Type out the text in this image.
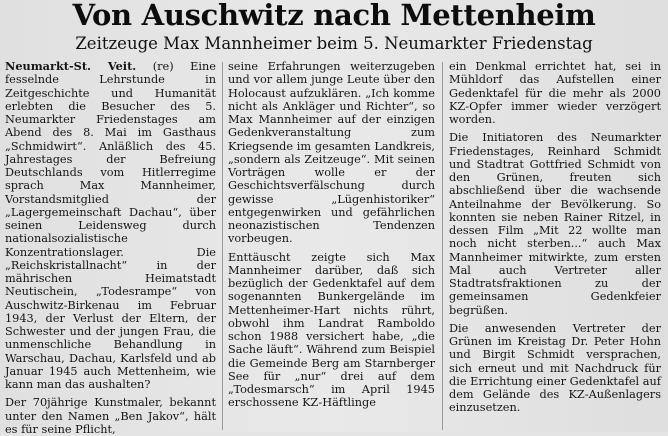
Von Auschwitz nach Mettenheim
Zeitzeuge Max Mannheimer beim 5. Neumarkter Friedenstag

Neumarkt-St. Veit. (re) Eine fesselnde Lehrstunde in Zeitgeschichte und Humanität erlebten die Besucher des 5. Neumarkter Friedenstages am Abend des 8. Mai im Gasthaus „Schmidwirt“. Anläßlich des 45. Jahrestages der Befreiung Deutschlands vom Hitlerregime sprach Max Mannheimer, Vorstandsmitglied der „Lagergemeinschaft Dachau“, über seinen Leidensweg durch nationalsozialistische Konzentrationslager. Die „Reichskristallnacht“ in der mährischen Heimatstadt Neutischein, „Todesrampe“ von Auschwitz-Birkenau im Februar 1943, der Verlust der Eltern, der Schwester und der jungen Frau, die unmenschliche Behandlung in Warschau, Dachau, Karlsfeld und ab Januar 1945 auch Mettenheim, wie kann man das aushalten?

Der 70jährige Kunstmaler, bekannt unter den Namen „Ben Jakov“, hält es für seine Pflicht,

seine Erfahrungen weiterzugeben und vor allem junge Leute über den Holocaust aufzuklären. „Ich komme nicht als Ankläger und Richter“, so Max Mannheimer auf der einzigen Gedenkveranstaltung zum Kriegsende im gesamten Landkreis, „sondern als Zeitzeuge“. Mit seinen Vorträgen wolle er der Geschichtsverfälschung durch gewisse „Lügenhistoriker“ entgegenwirken und gefährlichen neonazistischen Tendenzen vorbeugen.

Enttäuscht zeigte sich Max Mannheimer darüber, daß sich bezüglich der Gedenktafel auf dem sogenannten Bunkergelände im Mettenheimer-Hart nichts rührt, obwohl ihm Landrat Ramboldo schon 1988 versichert habe, „die Sache läuft“. Während zum Beispiel die Gemeinde Berg am Starnberger See für „nur“ drei auf dem „Todesmarsch“ im April 1945 erschossene KZ-Häftlinge

ein Denkmal errichtet hat, sei in Mühldorf das Aufstellen einer Gedenktafel für die mehr als 2000 KZ-Opfer immer wieder verzögert worden.

Die Initiatoren des Neumarkter Friedenstages, Reinhard Schmidt und Stadtrat Gottfried Schmidt von den Grünen, freuten sich abschließend über die wachsende Anteilnahme der Bevölkerung. So konnten sie neben Rainer Ritzel, in dessen Film „Mit 22 wollte man noch nicht sterben...“ auch Max Mannheimer mitwirkte, zum ersten Mal auch Vertreter aller Stadtratsfraktionen zu der gemeinsamen Gedenkfeier begrüßen.

Die anwesenden Vertreter der Grünen im Kreistag Dr. Peter Hohn und Birgit Schmidt versprachen, sich erneut und mit Nachdruck für die Errichtung einer Gedenktafel auf dem Gelände des KZ-Außenlagers einzusetzen.
